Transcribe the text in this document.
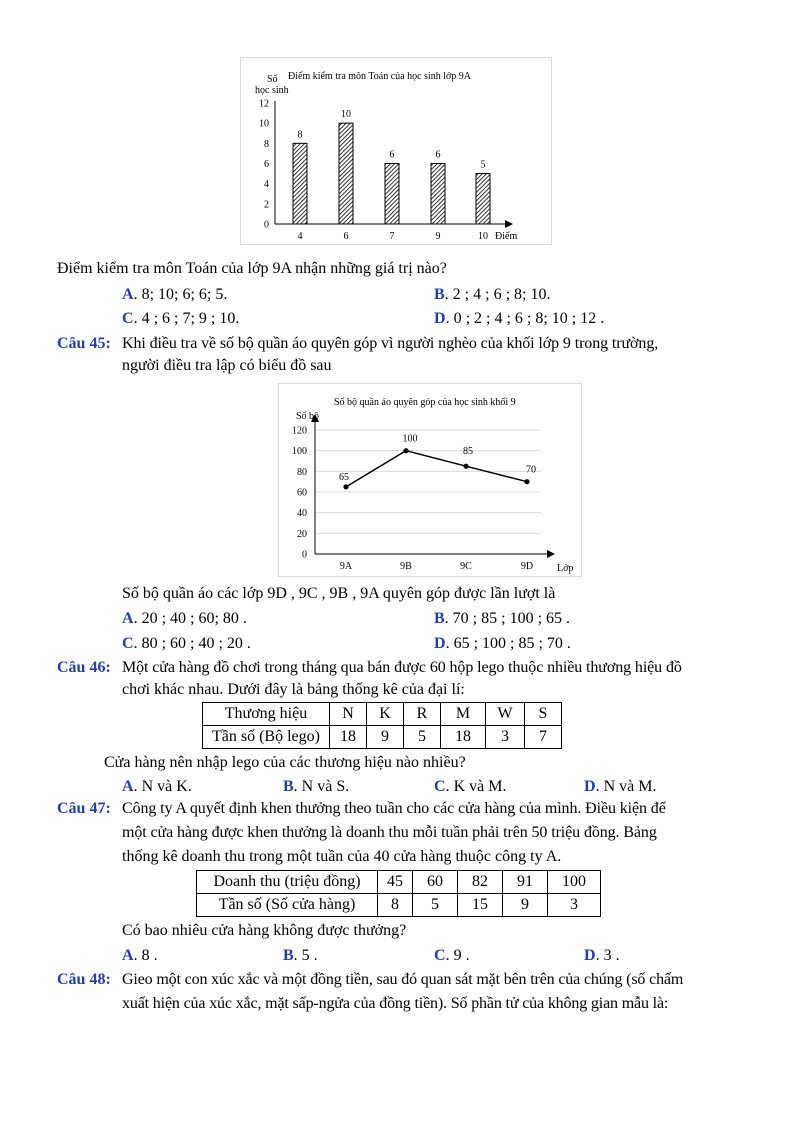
Điểm kiểm tra môn Toán của học sinh lớp 9A
Số
học sinh
Điểm
0
2
4
6
8
10
12
8
4
10
6
6
7
6
9
5
10
Điểm kiểm tra môn Toán của lớp 9A nhận những giá trị nào?
A. 8; 10; 6; 6; 5.	B. 2 ; 4 ; 6 ; 8; 10.
C. 4 ; 6 ; 7; 9 ; 10.	D. 0 ; 2 ; 4 ; 6 ; 8; 10 ; 12 .
Câu 45: Khi điều tra về số bộ quần áo quyên góp vì người nghèo của khối lớp 9 trong trường,
người điều tra lập có biểu đồ sau
Số bộ quần áo quyên góp của học sinh khối 9
Số bộ
Lớp
0
20
40
60
80
100
120
65
9A
100
9B
85
9C
70
9D
Số bộ quần áo các lớp 9D , 9C , 9B , 9A quyên góp được lần lượt là
A. 20 ; 40 ; 60; 80 .	B. 70 ; 85 ; 100 ; 65 .
C. 80 ; 60 ; 40 ; 20 .	D. 65 ; 100 ; 85 ; 70 .
Câu 46: Một cửa hàng đồ chơi trong tháng qua bán được 60 hộp lego thuộc nhiều thương hiệu đồ
chơi khác nhau. Dưới đây là bảng thống kê của đại lí:
Thương hiệu	N	K	R	M	W	S
Tần số (Bộ lego)	18	9	5	18	3	7
Cửa hàng nên nhập lego của các thương hiệu nào nhiều?
A. N và K.	B. N và S.	C. K và M.	D. N và M.
Câu 47: Công ty A quyết định khen thưởng theo tuần cho các cửa hàng của mình. Điều kiện để
một cửa hàng được khen thưởng là doanh thu mỗi tuần phải trên 50 triệu đồng. Bảng
thống kê doanh thu trong một tuần của 40 cửa hàng thuộc công ty A.
Doanh thu (triệu đồng)	45	60	82	91	100
Tần số (Số cửa hàng)	8	5	15	9	3
Có bao nhiêu cửa hàng không được thưởng?
A. 8 .	B. 5 .	C. 9 .	D. 3 .
Câu 48: Gieo một con xúc xắc và một đồng tiền, sau đó quan sát mặt bên trên của chúng (số chấm
xuất hiện của xúc xắc, mặt sấp-ngửa của đồng tiền). Số phần tử của không gian mẫu là:
